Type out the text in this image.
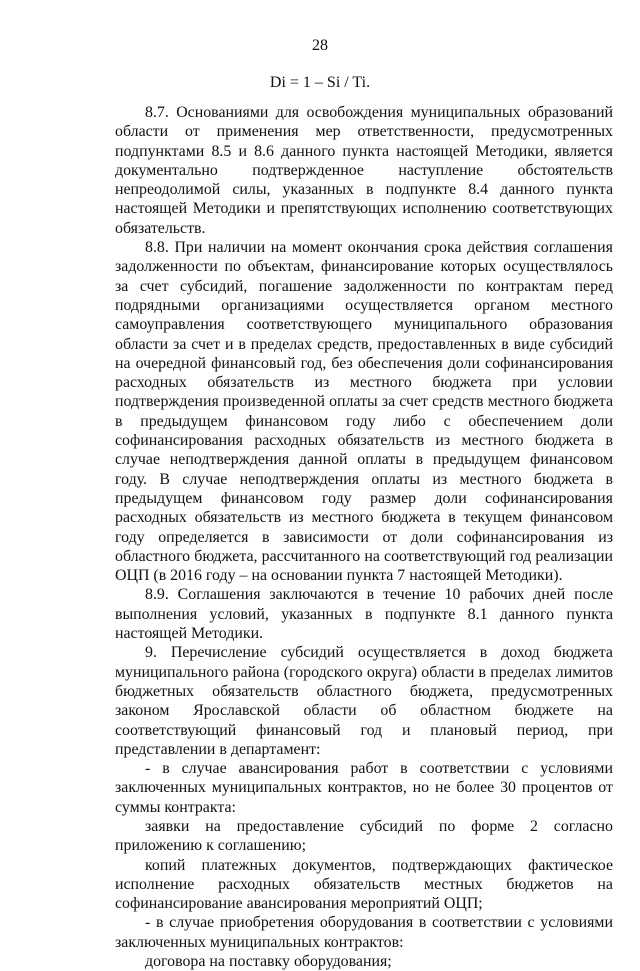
28
Di = 1 – Si / Ti.

8.7. Основаниями для освобождения муниципальных образований области от применения мер ответственности, предусмотренных подпунктами 8.5 и 8.6 данного пункта настоящей Методики, является документально подтвержденное наступление обстоятельств непреодолимой силы, указанных в подпункте 8.4 данного пункта настоящей Методики и препятствующих исполнению соответствующих обязательств.

8.8. При наличии на момент окончания срока действия соглашения задолженности по объектам, финансирование которых осуществлялось за счет субсидий, погашение задолженности по контрактам перед подрядными организациями осуществляется органом местного самоуправления соответствующего муниципального образования области за счет и в пределах средств, предоставленных в виде субсидий на очередной финансовый год, без обеспечения доли софинансирования расходных обязательств из местного бюджета при условии подтверждения произведенной оплаты за счет средств местного бюджета в предыдущем финансовом году либо с обеспечением доли софинансирования расходных обязательств из местного бюджета в случае неподтверждения данной оплаты в предыдущем финансовом году. В случае неподтверждения оплаты из местного бюджета в предыдущем финансовом году размер доли софинансирования расходных обязательств из местного бюджета в текущем финансовом году определяется в зависимости от доли софинансирования из областного бюджета, рассчитанного на соответствующий год реализации ОЦП (в 2016 году – на основании пункта 7 настоящей Методики).

8.9. Соглашения заключаются в течение 10 рабочих дней после выполнения условий, указанных в подпункте 8.1 данного пункта настоящей Методики.

9. Перечисление субсидий осуществляется в доход бюджета муниципального района (городского округа) области в пределах лимитов бюджетных обязательств областного бюджета, предусмотренных законом Ярославской области об областном бюджете на соответствующий финансовый год и плановый период, при представлении в департамент:

- в случае авансирования работ в соответствии с условиями заключенных муниципальных контрактов, но не более 30 процентов от суммы контракта:

заявки на предоставление субсидий по форме 2 согласно приложению к соглашению;

копий платежных документов, подтверждающих фактическое исполнение расходных обязательств местных бюджетов на софинансирование авансирования мероприятий ОЦП;

- в случае приобретения оборудования в соответствии с условиями заключенных муниципальных контрактов:

договора на поставку оборудования;
